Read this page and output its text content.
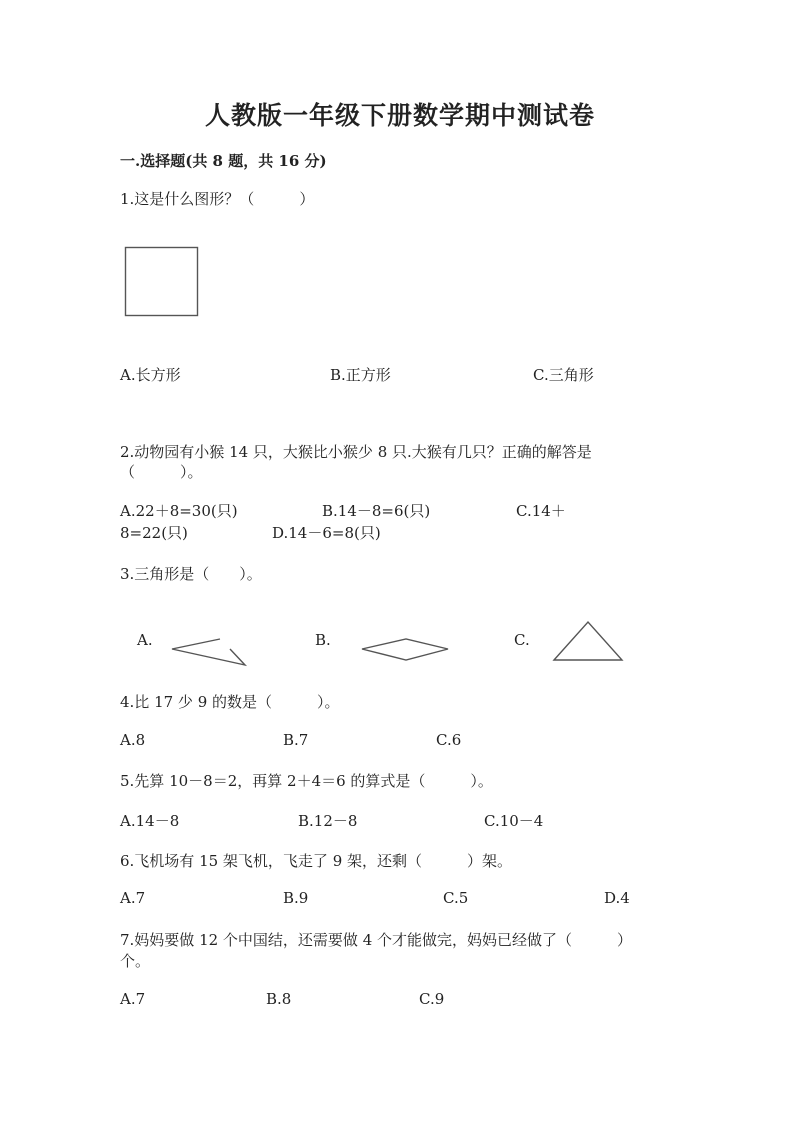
人教版一年级下册数学期中测试卷
一.选择题(共 8 题，共 16 分)
1.这是什么图形？（　　　）
A.长方形	B.正方形	C.三角形
2.动物园有小猴 14 只，大猴比小猴少 8 只.大猴有几只？正确的解答是
（　　　）。
A.22＋8=30(只)	B.14－8=6(只)	C.14＋
8=22(只)	D.14－6=8(只)
3.三角形是（　　）。
A.	B.	C.
4.比 17 少 9 的数是（　　　）。
A.8	B.7	C.6
5.先算 10－8＝2，再算 2＋4＝6 的算式是（　　　）。
A.14－8	B.12－8	C.10－4
6.飞机场有 15 架飞机，飞走了 9 架，还剩（　　　）架。
A.7	B.9	C.5	D.4
7.妈妈要做 12 个中国结，还需要做 4 个才能做完，妈妈已经做了（　　　）
个。
A.7	B.8	C.9
